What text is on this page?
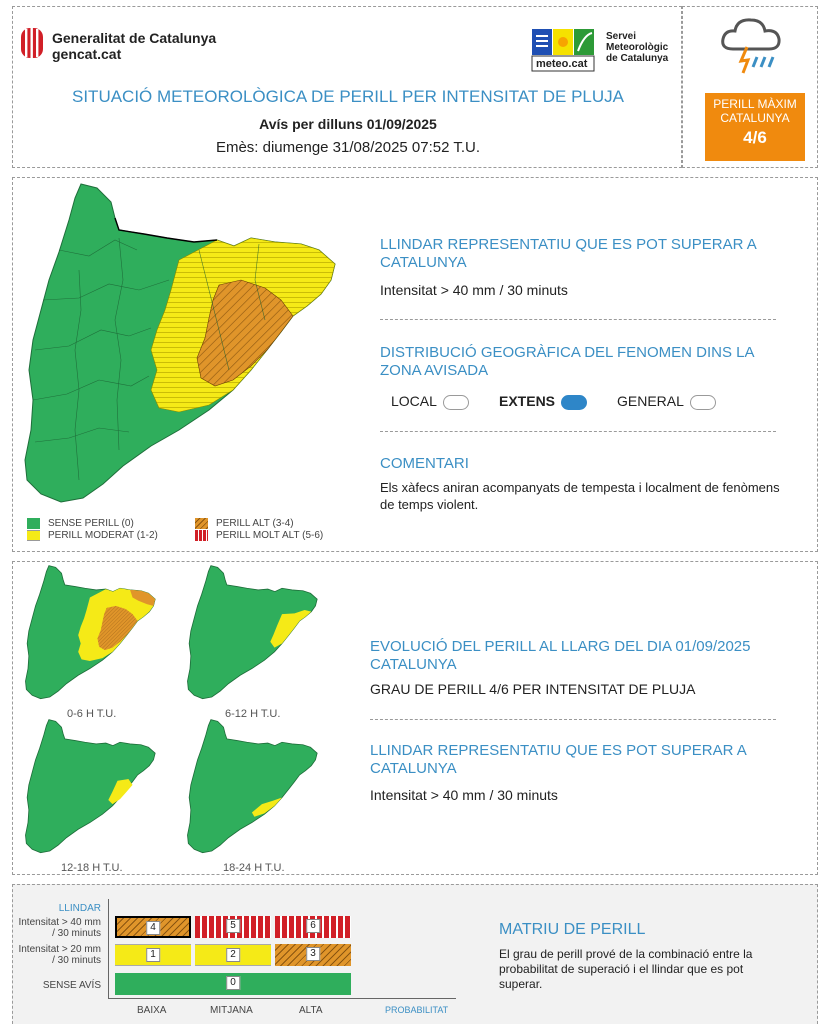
Generalitat de Catalunya
gencat.cat
meteo.cat
Servei
Meteorològic
de Catalunya
SITUACIÓ METEOROLÒGICA DE PERILL PER INTENSITAT DE PLUJA
Avís per dilluns 01/09/2025
Emès: diumenge 31/08/2025 07:52 T.U.
PERILL MÀXIM
CATALUNYA
4/6
SENSE PERILL (0)
PERILL MODERAT (1-2)
PERILL ALT (3-4)
PERILL MOLT ALT (5-6)
LLINDAR REPRESENTATIU QUE ES POT SUPERAR A CATALUNYA
Intensitat > 40 mm / 30 minuts
DISTRIBUCIÓ GEOGRÀFICA DEL FENOMEN DINS LA ZONA AVISADA
LOCAL	EXTENS	GENERAL
COMENTARI
Els xàfecs aniran acompanyats de tempesta i localment de fenòmens de temps violent.
0-6 H T.U.	6-12 H T.U.
12-18 H T.U.	18-24 H T.U.
EVOLUCIÓ DEL PERILL AL LLARG DEL DIA 01/09/2025 CATALUNYA
GRAU DE PERILL 4/6 PER INTENSITAT DE PLUJA
LLINDAR REPRESENTATIU QUE ES POT SUPERAR A CATALUNYA
Intensitat > 40 mm / 30 minuts
LLINDAR
Intensitat > 40 mm / 30 minuts
Intensitat > 20 mm / 30 minuts
SENSE AVÍS
4	5	6
1	2	3
0
BAIXA	MITJANA	ALTA	PROBABILITAT
MATRIU DE PERILL
El grau de perill prové de la combinació entre la probabilitat de superació i el llindar que es pot superar.
